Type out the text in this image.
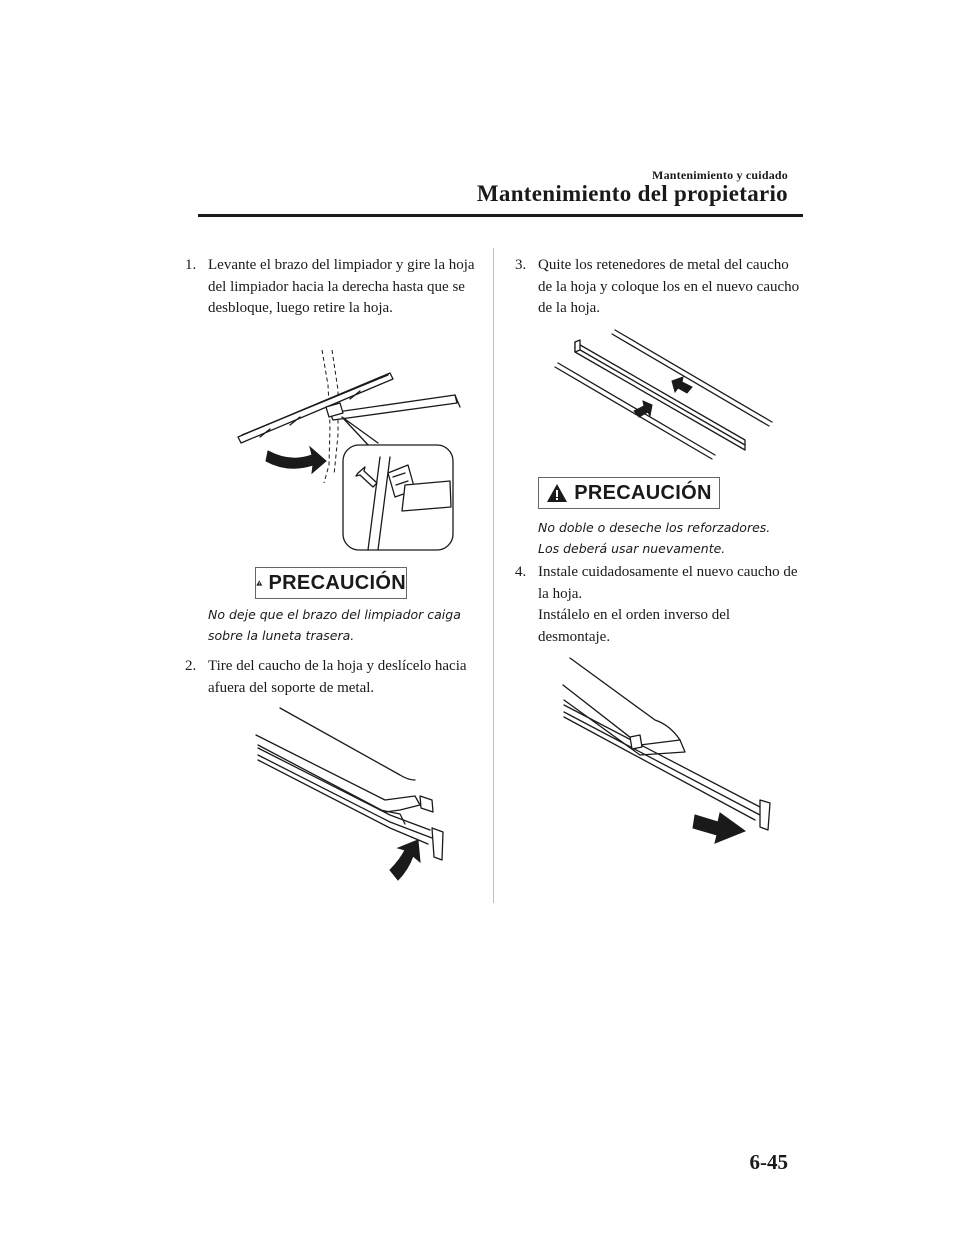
Mantenimiento y cuidado
Mantenimiento del propietario
1. Levante el brazo del limpiador y gire la hoja del limpiador hacia la derecha hasta que se desbloque, luego retire la hoja.
PRECAUCIÓN
No deje que el brazo del limpiador caiga sobre la luneta trasera.
2. Tire del caucho de la hoja y deslícelo hacia afuera del soporte de metal.
3. Quite los retenedores de metal del caucho de la hoja y coloque los en el nuevo caucho de la hoja.
PRECAUCIÓN
No doble o deseche los reforzadores. Los deberá usar nuevamente.
4. Instale cuidadosamente el nuevo caucho de la hoja.
Instálelo en el orden inverso del desmontaje.
6-45
